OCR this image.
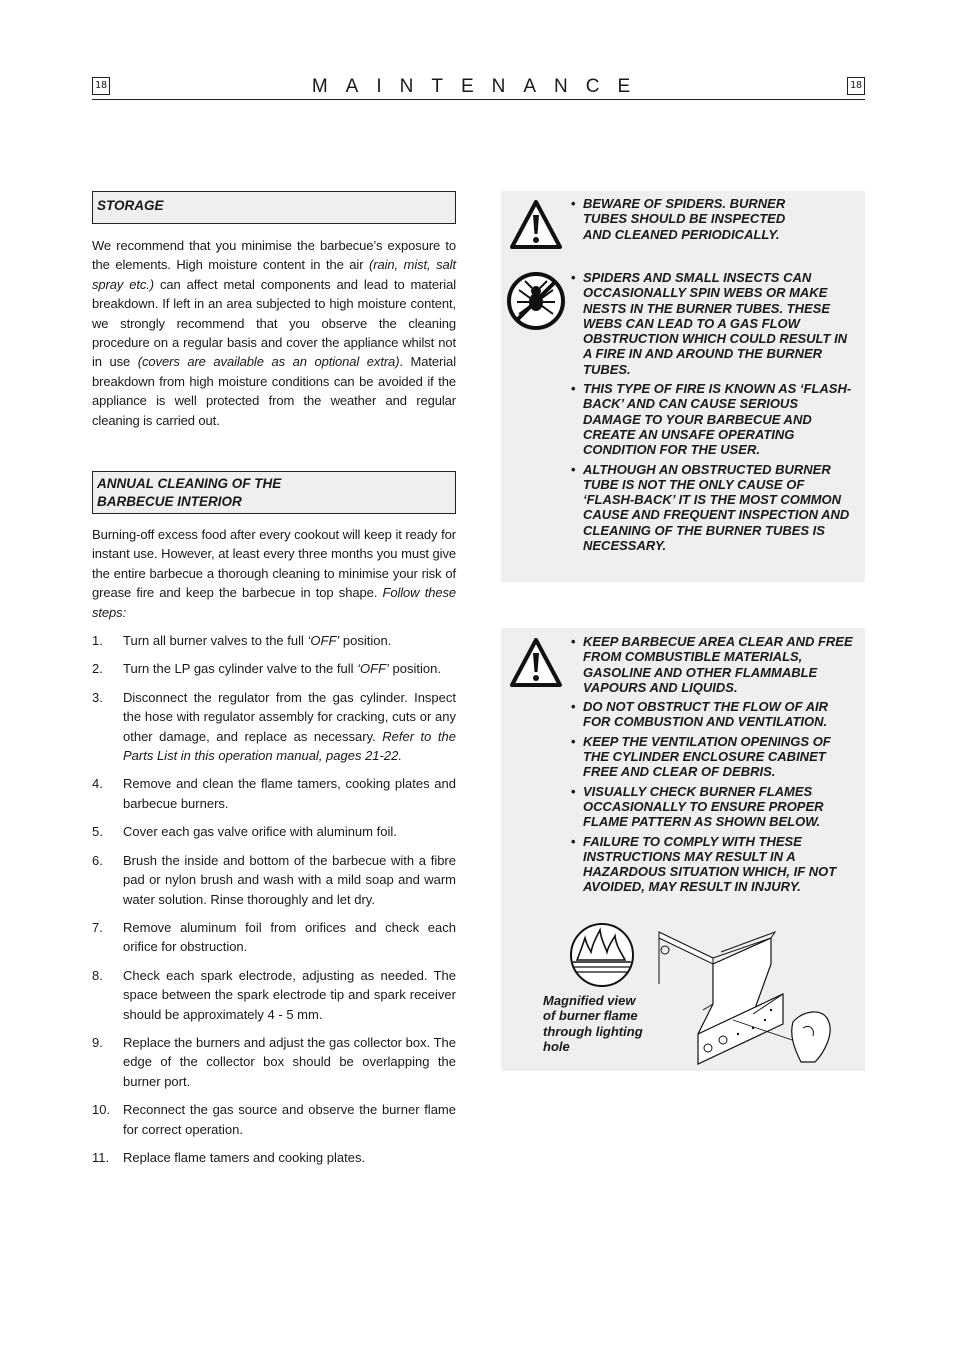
18	MAINTENANCE	18
STORAGE

We recommend that you minimise the barbecue’s exposure to the elements. High moisture content in the air (rain, mist, salt spray etc.) can affect metal components and lead to material breakdown. If left in an area subjected to high moisture content, we strongly recommend that you observe the cleaning procedure on a regular basis and cover the appliance whilst not in use (covers are available as an optional extra). Material breakdown from high moisture conditions can be avoided if the appliance is well protected from the weather and regular cleaning is carried out.

ANNUAL CLEANING OF THE
BARBECUE INTERIOR

Burning-off excess food after every cookout will keep it ready for instant use. However, at least every three months you must give the entire barbecue a thorough cleaning to minimise your risk of grease fire and keep the barbecue in top shape. Follow these steps:

1.	Turn all burner valves to the full ‘OFF’ position.
2.	Turn the LP gas cylinder valve to the full ‘OFF’ position.
3.	Disconnect the regulator from the gas cylinder. Inspect the hose with regulator assembly for cracking, cuts or any other damage, and replace as necessary. Refer to the Parts List in this operation manual, pages 21-22.
4.	Remove and clean the flame tamers, cooking plates and barbecue burners.
5.	Cover each gas valve orifice with aluminum foil.
6.	Brush the inside and bottom of the barbecue with a fibre pad or nylon brush and wash with a mild soap and warm water solution. Rinse thoroughly and let dry.
7.	Remove aluminum foil from orifices and check each orifice for obstruction.
8.	Check each spark electrode, adjusting as needed. The space between the spark electrode tip and spark receiver should be approximately 4 - 5 mm.
9.	Replace the burners and adjust the gas collector box. The edge of the collector box should be overlapping the burner port.
10. Reconnect the gas source and observe the burner flame for correct operation.
11.	Replace flame tamers and cooking plates.
• BEWARE OF SPIDERS. BURNER TUBES SHOULD BE INSPECTED AND CLEANED PERIODICALLY.
• SPIDERS AND SMALL INSECTS CAN OCCASIONALLY SPIN WEBS OR MAKE NESTS IN THE BURNER TUBES. THESE WEBS CAN LEAD TO A GAS FLOW OBSTRUCTION WHICH COULD RESULT IN A FIRE IN AND AROUND THE BURNER TUBES.
• THIS TYPE OF FIRE IS KNOWN AS ‘FLASH-BACK’ AND CAN CAUSE SERIOUS DAMAGE TO YOUR BARBECUE AND CREATE AN UNSAFE OPERATING CONDITION FOR THE USER.
• ALTHOUGH AN OBSTRUCTED BURNER TUBE IS NOT THE ONLY CAUSE OF ‘FLASH-BACK’ IT IS THE MOST COMMON CAUSE AND FREQUENT INSPECTION AND CLEANING OF THE BURNER TUBES IS NECESSARY.
• KEEP BARBECUE AREA CLEAR AND FREE FROM COMBUSTIBLE MATERIALS, GASOLINE AND OTHER FLAMMABLE VAPOURS AND LIQUIDS.
• DO NOT OBSTRUCT THE FLOW OF AIR FOR COMBUSTION AND VENTILATION.
• KEEP THE VENTILATION OPENINGS OF THE CYLINDER ENCLOSURE CABINET FREE AND CLEAR OF DEBRIS.
• VISUALLY CHECK BURNER FLAMES OCCASIONALLY TO ENSURE PROPER FLAME PATTERN AS SHOWN BELOW.
• FAILURE TO COMPLY WITH THESE INSTRUCTIONS MAY RESULT IN A HAZARDOUS SITUATION WHICH, IF NOT AVOIDED, MAY RESULT IN INJURY.
Magnified view
of burner flame
through lighting
hole
